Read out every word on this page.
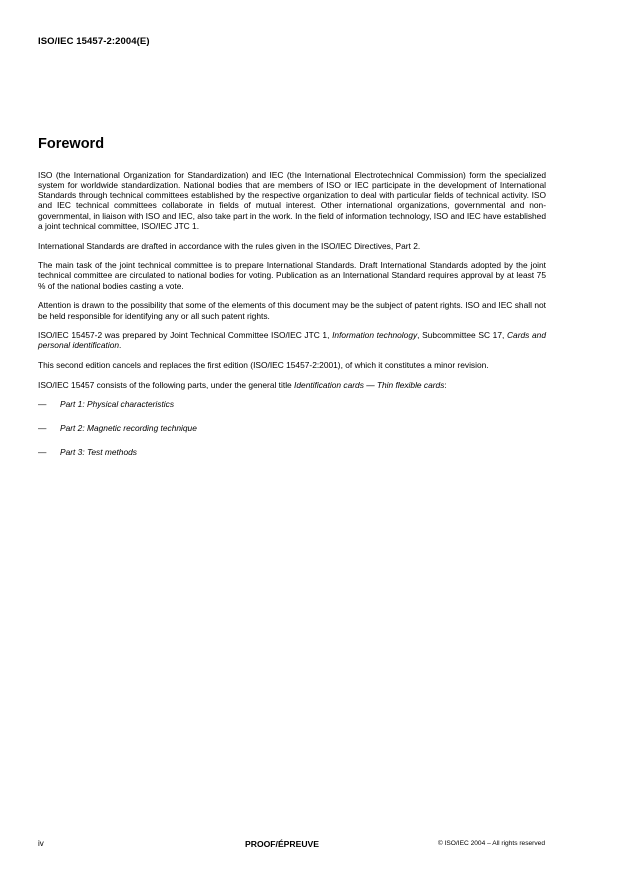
ISO/IEC 15457-2:2004(E)
Foreword

ISO (the International Organization for Standardization) and IEC (the International Electrotechnical Commission) form the specialized system for worldwide standardization. National bodies that are members of ISO or IEC participate in the development of International Standards through technical committees established by the respective organization to deal with particular fields of technical activity. ISO and IEC technical committees collaborate in fields of mutual interest. Other international organizations, governmental and non-governmental, in liaison with ISO and IEC, also take part in the work. In the field of information technology, ISO and IEC have established a joint technical committee, ISO/IEC JTC 1.

International Standards are drafted in accordance with the rules given in the ISO/IEC Directives, Part 2.

The main task of the joint technical committee is to prepare International Standards. Draft International Standards adopted by the joint technical committee are circulated to national bodies for voting. Publication as an International Standard requires approval by at least 75 % of the national bodies casting a vote.

Attention is drawn to the possibility that some of the elements of this document may be the subject of patent rights. ISO and IEC shall not be held responsible for identifying any or all such patent rights.

ISO/IEC 15457-2 was prepared by Joint Technical Committee ISO/IEC JTC 1, Information technology, Subcommittee SC 17, Cards and personal identification.

This second edition cancels and replaces the first edition (ISO/IEC 15457-2:2001), of which it constitutes a minor revision.

ISO/IEC 15457 consists of the following parts, under the general title Identification cards — Thin flexible cards:

—	Part 1: Physical characteristics
—	Part 2: Magnetic recording technique
—	Part 3: Test methods
iv	PROOF/ÉPREUVE	© ISO/IEC 2004 – All rights reserved
